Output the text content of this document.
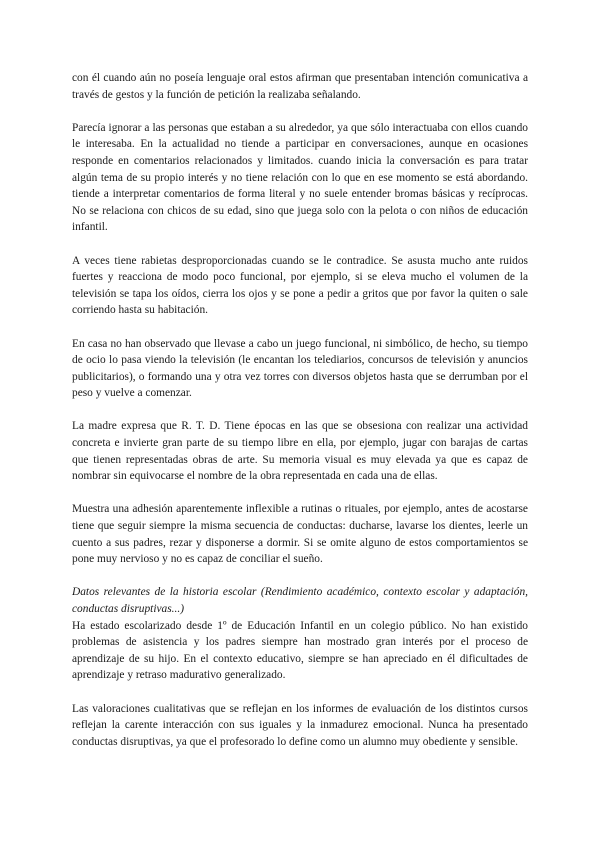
con él cuando aún no poseía lenguaje oral estos afirman que presentaban intención comunicativa a través de gestos y la función de petición la realizaba señalando.

Parecía ignorar a las personas que estaban a su alrededor, ya que sólo interactuaba con ellos cuando le interesaba. En la actualidad no tiende a participar en conversaciones, aunque en ocasiones responde en comentarios relacionados y limitados. cuando inicia la conversación es para tratar algún tema de su propio interés y no tiene relación con lo que en ese momento se está abordando. tiende a interpretar comentarios de forma literal y no suele entender bromas básicas y recíprocas. No se relaciona con chicos de su edad, sino que juega solo con la pelota o con niños de educación infantil.

A veces tiene rabietas desproporcionadas cuando se le contradice. Se asusta mucho ante ruidos fuertes y reacciona de modo poco funcional, por ejemplo, si se eleva mucho el volumen de la televisión se tapa los oídos, cierra los ojos y se pone a pedir a gritos que por favor la quiten o sale corriendo hasta su habitación.

En casa no han observado que llevase a cabo un juego funcional, ni simbólico, de hecho, su tiempo de ocio lo pasa viendo la televisión (le encantan los telediarios, concursos de televisión y anuncios publicitarios), o formando una y otra vez torres con diversos objetos hasta que se derrumban por el peso y vuelve a comenzar.

La madre expresa que R. T. D. Tiene épocas en las que se obsesiona con realizar una actividad concreta e invierte gran parte de su tiempo libre en ella, por ejemplo, jugar con barajas de cartas que tienen representadas obras de arte. Su memoria visual es muy elevada ya que es capaz de nombrar sin equivocarse el nombre de la obra representada en cada una de ellas.

Muestra una adhesión aparentemente inflexible a rutinas o rituales, por ejemplo, antes de acostarse tiene que seguir siempre la misma secuencia de conductas: ducharse, lavarse los dientes, leerle un cuento a sus padres, rezar y disponerse a dormir. Si se omite alguno de estos comportamientos se pone muy nervioso y no es capaz de conciliar el sueño.

Datos relevantes de la historia escolar (Rendimiento académico, contexto escolar y adaptación, conductas disruptivas...)

Ha estado escolarizado desde 1º de Educación Infantil en un colegio público. No han existido problemas de asistencia y los padres siempre han mostrado gran interés por el proceso de aprendizaje de su hijo. En el contexto educativo, siempre se han apreciado en él dificultades de aprendizaje y retraso madurativo generalizado.

Las valoraciones cualitativas que se reflejan en los informes de evaluación de los distintos cursos reflejan la carente interacción con sus iguales y la inmadurez emocional. Nunca ha presentado conductas disruptivas, ya que el profesorado lo define como un alumno muy obediente y sensible.
